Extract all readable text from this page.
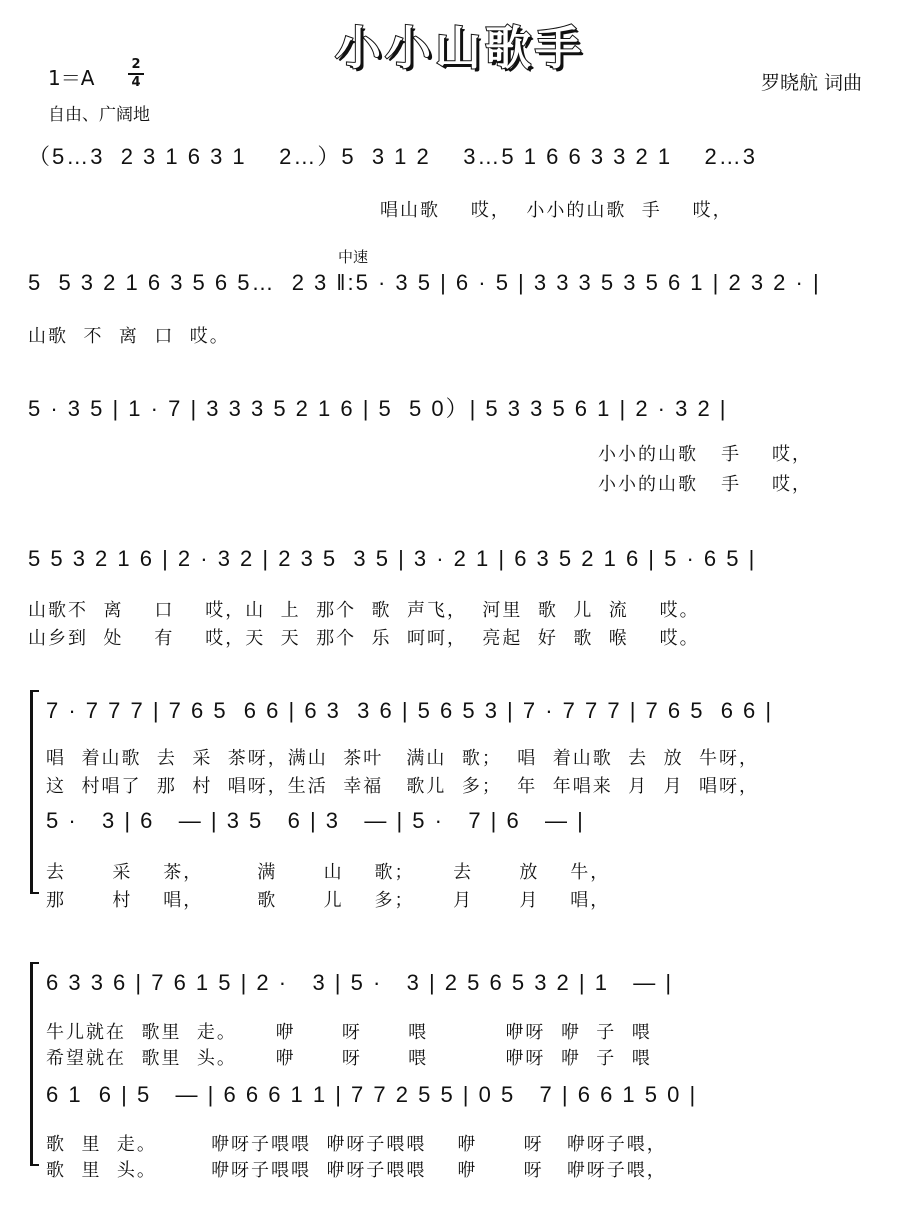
小小山歌手
1＝A
2
4
自由、广阔地
罗晓航 词曲
中速
（5…3  2 3 1 6 3 1    2…）5  3 1 2    3…5 1 6 6 3 3 2 1    2…3
唱山歌    哎，  小小的山歌  手    哎，
5  5 3 2 1 6 3 5 6 5…  2 3 ‖:5 · 3 5 | 6 · 5 | 3 3 3 5 3 5 6 1 | 2 3 2 · |
山歌  不  离  口  哎。
5 · 3 5 | 1 · 7 | 3 3 3 5 2 1 6 | 5  5 0）| 5 3 3 5 6 1 | 2 · 3 2 |
小小的山歌   手    哎，
小小的山歌   手    哎，
5 5 3 2 1 6 | 2 · 3 2 | 2 3 5  3 5 | 3 · 2 1 | 6 3 5 2 1 6 | 5 · 6 5 |
山歌不  离    口    哎，山  上  那个  歌  声飞，  河里  歌  儿  流    哎。
山乡到  处    有    哎，天  天  那个  乐  呵呵，  亮起  好  歌  喉    哎。
7 · 7 7 7 | 7 6 5  6 6 | 6 3  3 6 | 5 6 5 3 | 7 · 7 7 7 | 7 6 5  6 6 |
唱  着山歌  去  采  茶呀，满山  茶叶   满山  歌；  唱  着山歌  去  放  牛呀，
这  村唱了  那  村  唱呀，生活  幸福   歌儿  多；  年  年唱来  月  月  唱呀，
5 ·   3 | 6   — | 3 5   6 | 3   — | 5 ·   7 | 6   — |
去      采    茶，       满      山    歌；     去      放    牛，
那      村    唱，       歌      儿    多；     月      月    唱，
6 3 3 6 | 7 6 1 5 | 2 ·   3 | 5 ·   3 | 2 5 6 5 3 2 | 1   — |
牛儿就在  歌里  走。     咿      呀      喂          咿呀  咿  子  喂
希望就在  歌里  头。     咿      呀      喂          咿呀  咿  子  喂
6 1  6 | 5   — | 6 6 6 1 1 | 7 7 2 5 5 | 0 5   7 | 6 6 1 5 0 |
歌  里  走。       咿呀子喂喂  咿呀子喂喂    咿      呀   咿呀子喂，
歌  里  头。       咿呀子喂喂  咿呀子喂喂    咿      呀   咿呀子喂，
